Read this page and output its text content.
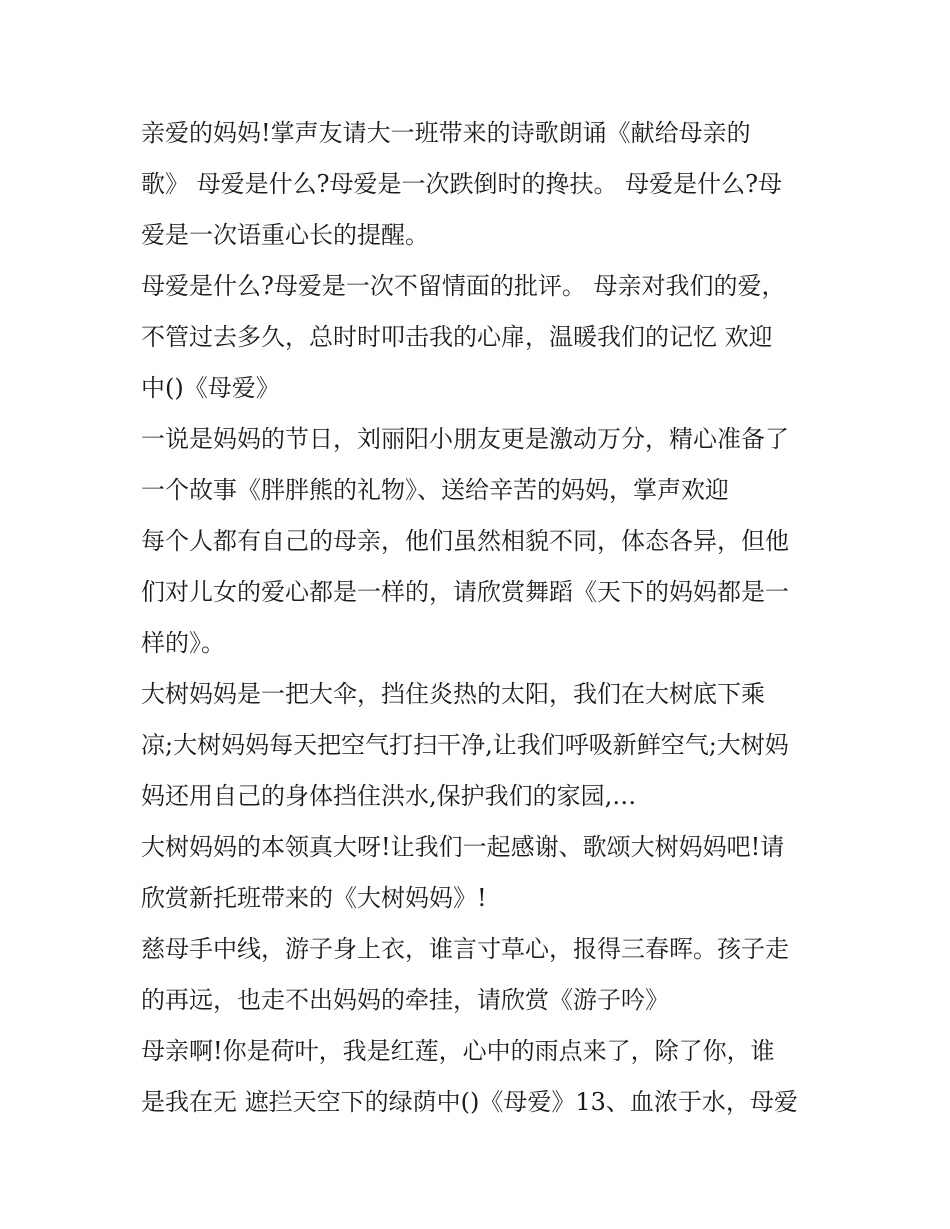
亲爱的妈妈!掌声友请大一班带来的诗歌朗诵《献给母亲的
歌》 母爱是什么?母爱是一次跌倒时的搀扶。 母爱是什么?母
爱是一次语重心长的提醒。
母爱是什么?母爱是一次不留情面的批评。 母亲对我们的爱，
不管过去多久，总时时叩击我的心扉，温暖我们的记忆 欢迎
中()《母爱》
一说是妈妈的节日，刘丽阳小朋友更是激动万分，精心准备了
一个故事《胖胖熊的礼物》、送给辛苦的妈妈，掌声欢迎
每个人都有自己的母亲，他们虽然相貌不同，体态各异，但他
们对儿女的爱心都是一样的，请欣赏舞蹈《天下的妈妈都是一
样的》。
大树妈妈是一把大伞，挡住炎热的太阳，我们在大树底下乘
凉;大树妈妈每天把空气打扫干净,让我们呼吸新鲜空气;大树妈
妈还用自己的身体挡住洪水,保护我们的家园,…
大树妈妈的本领真大呀!让我们一起感谢、歌颂大树妈妈吧!请
欣赏新托班带来的《大树妈妈》!
慈母手中线，游子身上衣，谁言寸草心，报得三春晖。孩子走
的再远，也走不出妈妈的牵挂，请欣赏《游子吟》
母亲啊!你是荷叶，我是红莲，心中的雨点来了，除了你，谁
是我在无 遮拦天空下的绿荫中()《母爱》13、血浓于水，母爱
